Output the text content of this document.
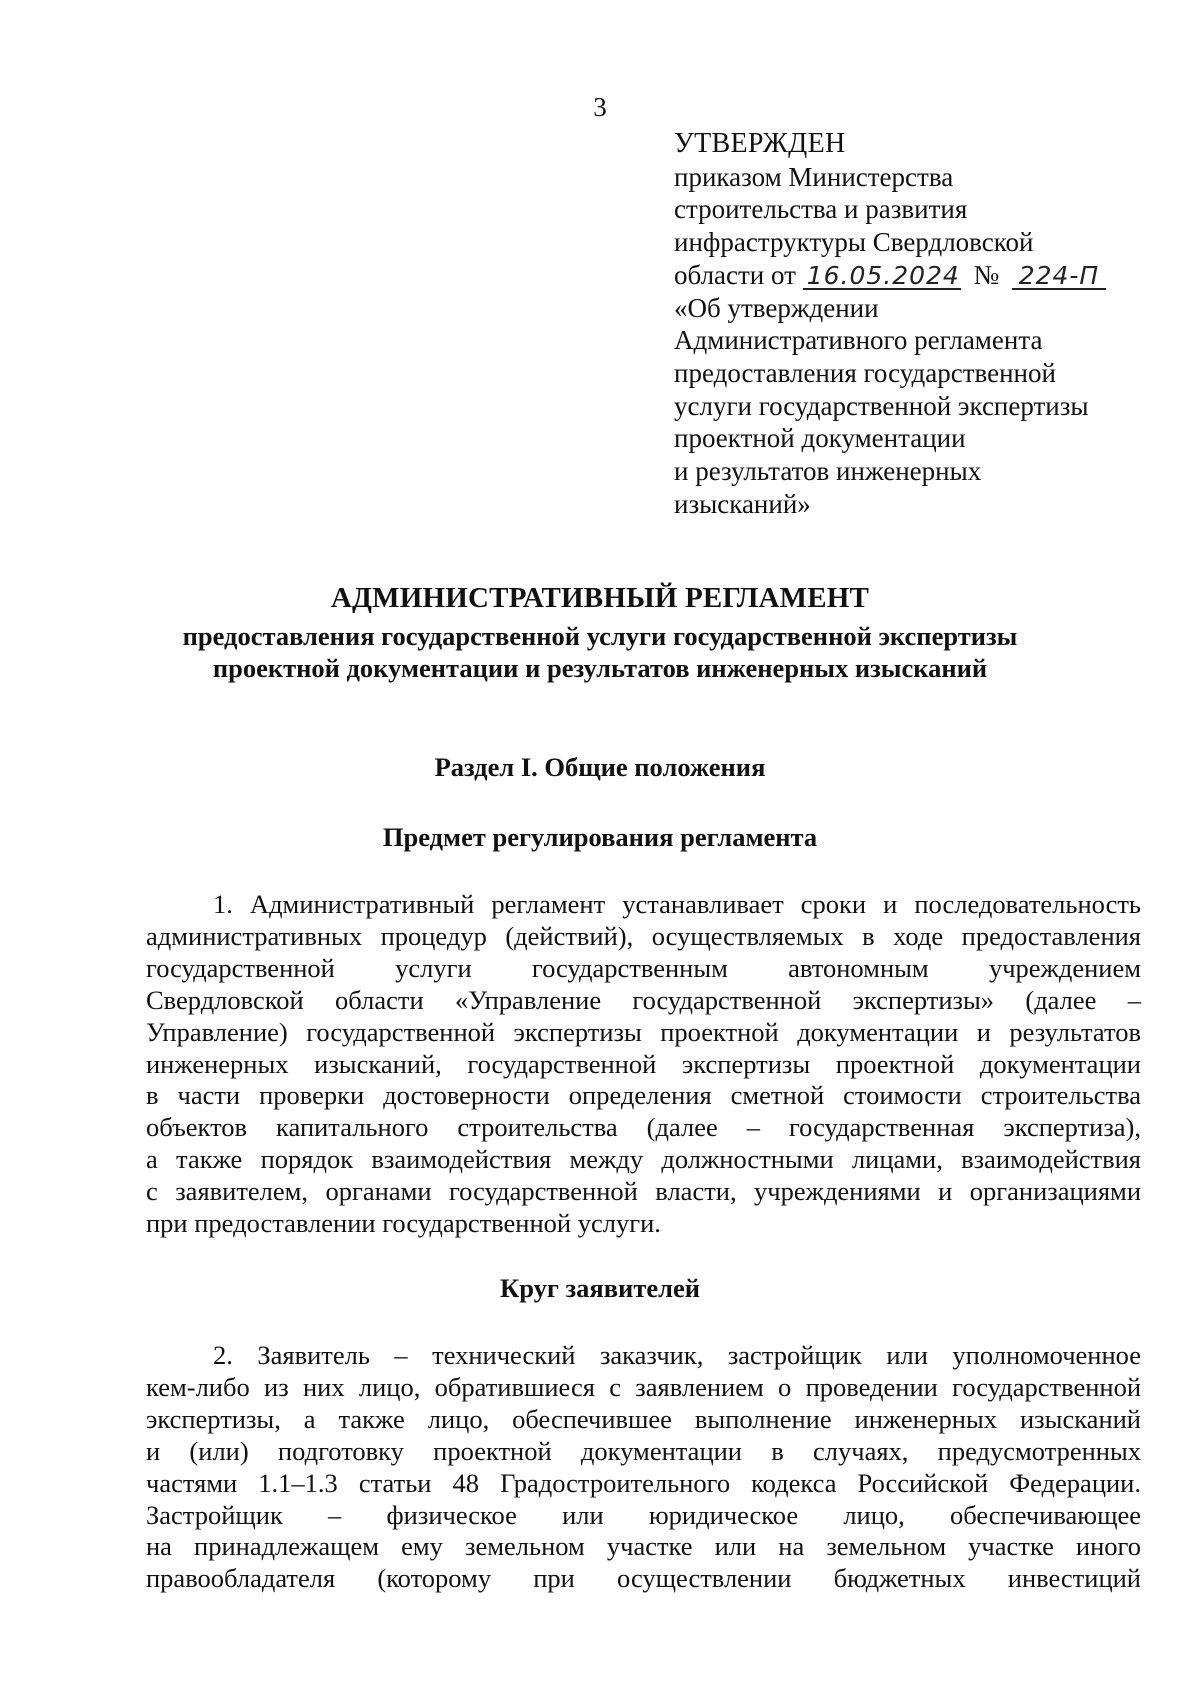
3
УТВЕРЖДЕН
приказом Министерства
строительства и развития
инфраструктуры Свердловской
области от 16.05.2024 № 224-П
«Об утверждении
Административного регламента
предоставления государственной
услуги государственной экспертизы
проектной документации
и результатов инженерных
изысканий»
АДМИНИСТРАТИВНЫЙ РЕГЛАМЕНТ
предоставления государственной услуги государственной экспертизы
проектной документации и результатов инженерных изысканий
Раздел I. Общие положения
Предмет регулирования регламента
1. Административный регламент устанавливает сроки и последовательность
административных процедур (действий), осуществляемых в ходе предоставления
государственной услуги государственным автономным учреждением
Свердловской области «Управление государственной экспертизы» (далее –
Управление) государственной экспертизы проектной документации и результатов
инженерных изысканий, государственной экспертизы проектной документации
в части проверки достоверности определения сметной стоимости строительства
объектов капитального строительства (далее – государственная экспертиза),
а также порядок взаимодействия между должностными лицами, взаимодействия
с заявителем, органами государственной власти, учреждениями и организациями
при предоставлении государственной услуги.
Круг заявителей
2. Заявитель – технический заказчик, застройщик или уполномоченное
кем-либо из них лицо, обратившиеся с заявлением о проведении государственной
экспертизы, а также лицо, обеспечившее выполнение инженерных изысканий
и (или) подготовку проектной документации в случаях, предусмотренных
частями 1.1–1.3 статьи 48 Градостроительного кодекса Российской Федерации.
Застройщик – физическое или юридическое лицо, обеспечивающее
на принадлежащем ему земельном участке или на земельном участке иного
правообладателя (которому при осуществлении бюджетных инвестиций
